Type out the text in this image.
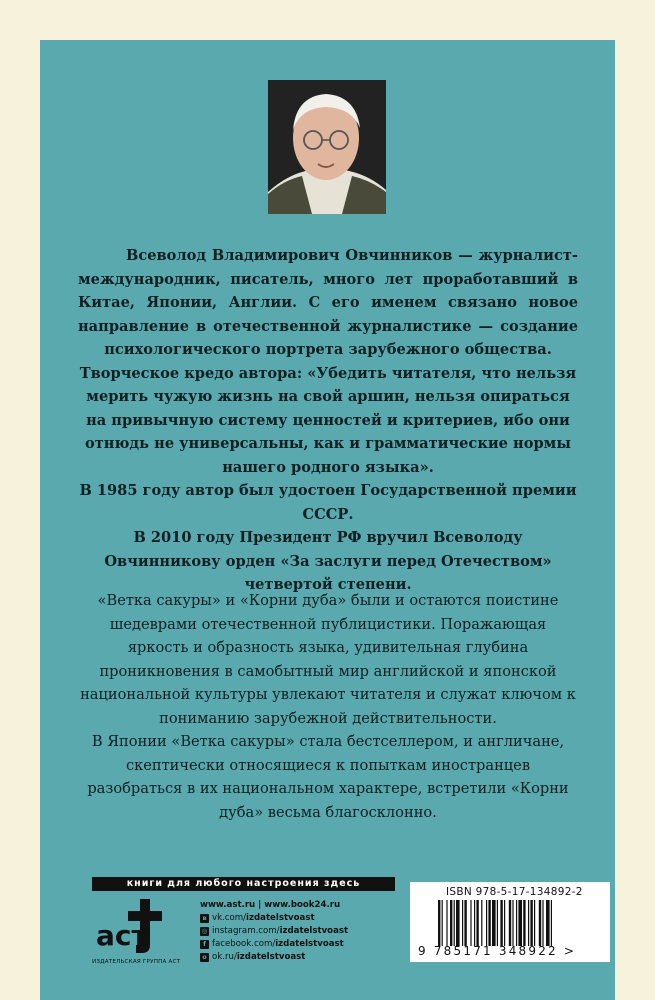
Всеволод Владимирович Овчинников — журналист-международник, писатель, много лет проработавший в Китае, Японии, Англии. С его именем связано новое направление в отечественной журналистике — создание психологического портрета зарубежного общества.

Творческое кредо автора: «Убедить читателя, что нельзя мерить чужую жизнь на свой аршин, нельзя опираться на привычную систему ценностей и критериев, ибо они отнюдь не универсальны, как и грамматические нормы нашего родного языка».

В 1985 году автор был удостоен Государственной премии СССР.

В 2010 году Президент РФ вручил Всеволоду Овчинникову орден «За заслуги перед Отечеством» четвертой степени.

«Ветка сакуры» и «Корни дуба» были и остаются поистине шедеврами отечественной публицистики. Поражающая яркость и образность языка, удивительная глубина проникновения в самобытный мир английской и японской национальной культуры увлекают читателя и служат ключом к пониманию зарубежной действительности.

В Японии «Ветка сакуры» стала бестселлером, и англичане, скептически относящиеся к попыткам иностранцев разобраться в их национальном характере, встретили «Корни дуба» весьма благосклонно.

книги для любого настроения здесь
аст
ИЗДАТЕЛЬСКАЯ ГРУППА АСТ
www.ast.ru | www.book24.ru
в vk.com/ izdatelstvoast
◎ instagram.com/ izdatelstvoast
f facebook.com/ izdatelstvoast
о ok.ru/ izdatelstvoast
ISBN 978-5-17-134892-2
9 785171 348922 >
